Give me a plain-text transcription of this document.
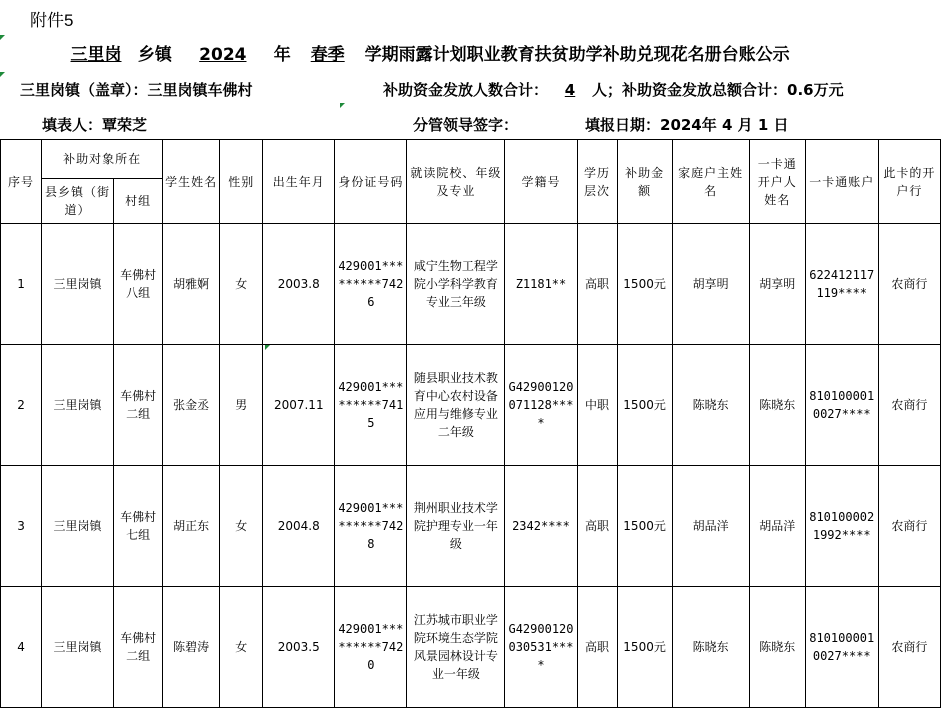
附件5
三里岗 乡镇 2024 年 春季 学期雨露计划职业教育扶贫助学补助兑现花名册台账公示
三里岗镇（盖章）：三里岗镇车佛村	补助资金发放人数合计： 4 人；补助资金发放总额合计：0.6万元
填表人：覃荣芝	分管领导签字：	填报日期：2024年 4 月 1 日
序号	补助对象所在		学生姓名	性别	出生年月	身份证号码	就读院校、年级及专业	学籍号	学历层次	补助金额	家庭户主姓名	一卡通开户人姓名	一卡通账户	此卡的开户行
	县乡镇（街道）	村组												
1	三里岗镇	车佛村八组	胡雅婀	女	2003.8	429001*********7426	咸宁生物工程学院小学科学教育专业三年级	Z1181**	高职	1500元	胡享明	胡享明	622412117119****	农商行
2	三里岗镇	车佛村二组	张金丞	男	2007.11	429001*********7415	随县职业技术教育中心农村设备应用与维修专业二年级	G42900120071128****	中职	1500元	陈晓东	陈晓东	8101000010027****	农商行
3	三里岗镇	车佛村七组	胡正东	女	2004.8	429001*********7428	荆州职业技术学院护理专业一年级	2342****	高职	1500元	胡品洋	胡品洋	8101000021992****	农商行
4	三里岗镇	车佛村二组	陈碧涛	女	2003.5	429001*********7420	江苏城市职业学院环境生态学院风景园林设计专业一年级	G42900120030531****	高职	1500元	陈晓东	陈晓东	8101000010027****	农商行
